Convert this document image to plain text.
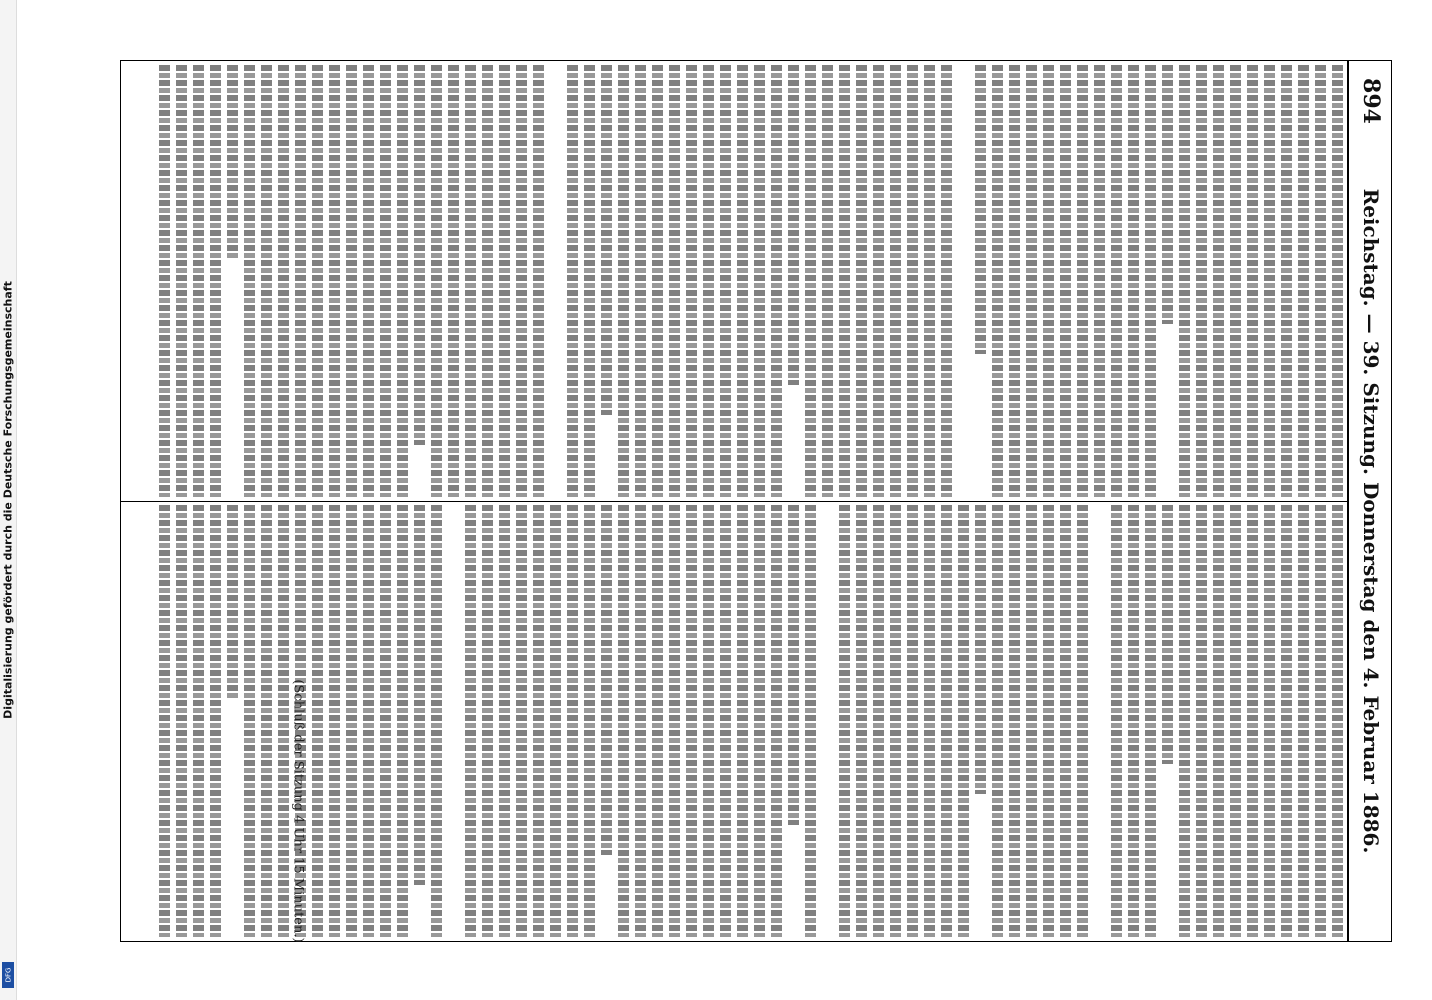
Digitalisierung gefördert durch die Deutsche Forschungsgemeinschaft
DFG
894
Reichstag. — 39. Sitzung. Donnerstag den 4. Februar 1886.
(Schluß der Sitzung 4 Uhr 15 Minuten.)
